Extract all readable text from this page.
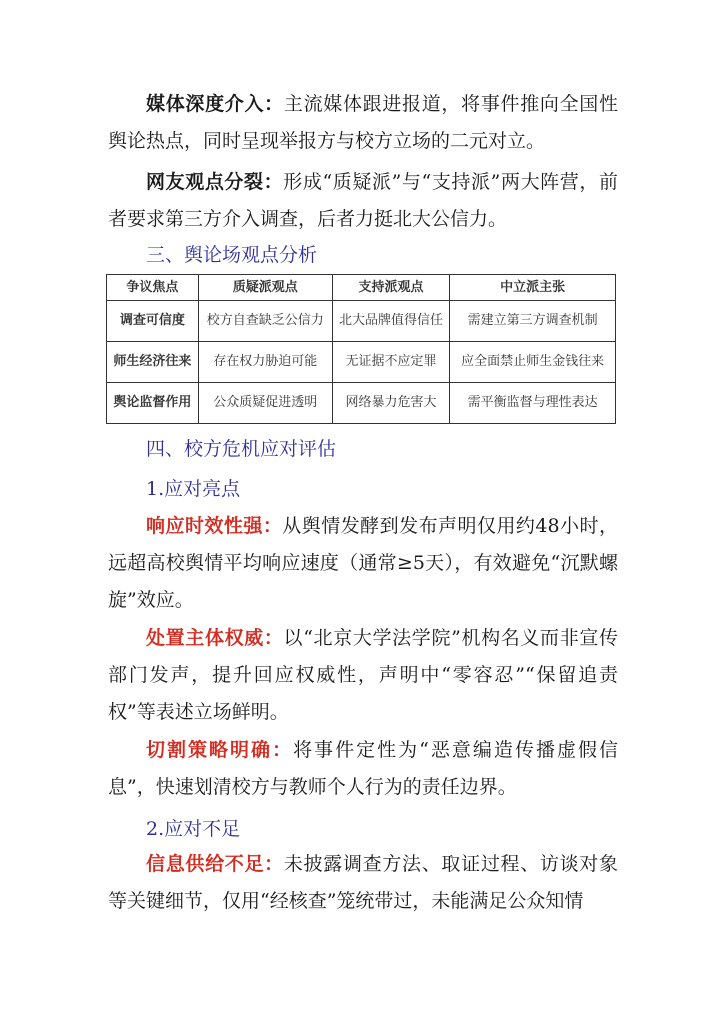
媒体深度介入：主流媒体跟进报道，将事件推向全国性舆论热点，同时呈现举报方与校方立场的二元对立。

网友观点分裂：形成“质疑派”与“支持派”两大阵营，前者要求第三方介入调查，后者力挺北大公信力。

三、舆论场观点分析

争议焦点	质疑派观点	支持派观点	中立派主张
调查可信度	校方自查缺乏公信力	北大品牌值得信任	需建立第三方调查机制
师生经济往来	存在权力胁迫可能	无证据不应定罪	应全面禁止师生金钱往来
舆论监督作用	公众质疑促进透明	网络暴力危害大	需平衡监督与理性表达

四、校方危机应对评估

1.应对亮点

响应时效性强：从舆情发酵到发布声明仅用约48小时，远超高校舆情平均响应速度（通常≥5天），有效避免“沉默螺旋”效应。

处置主体权威：以“北京大学法学院”机构名义而非宣传部门发声，提升回应权威性，声明中“零容忍”“保留追责权”等表述立场鲜明。

切割策略明确：将事件定性为“恶意编造传播虚假信息”，快速划清校方与教师个人行为的责任边界。

2.应对不足

信息供给不足：未披露调查方法、取证过程、访谈对象等关键细节，仅用“经核查”笼统带过，未能满足公众知情
